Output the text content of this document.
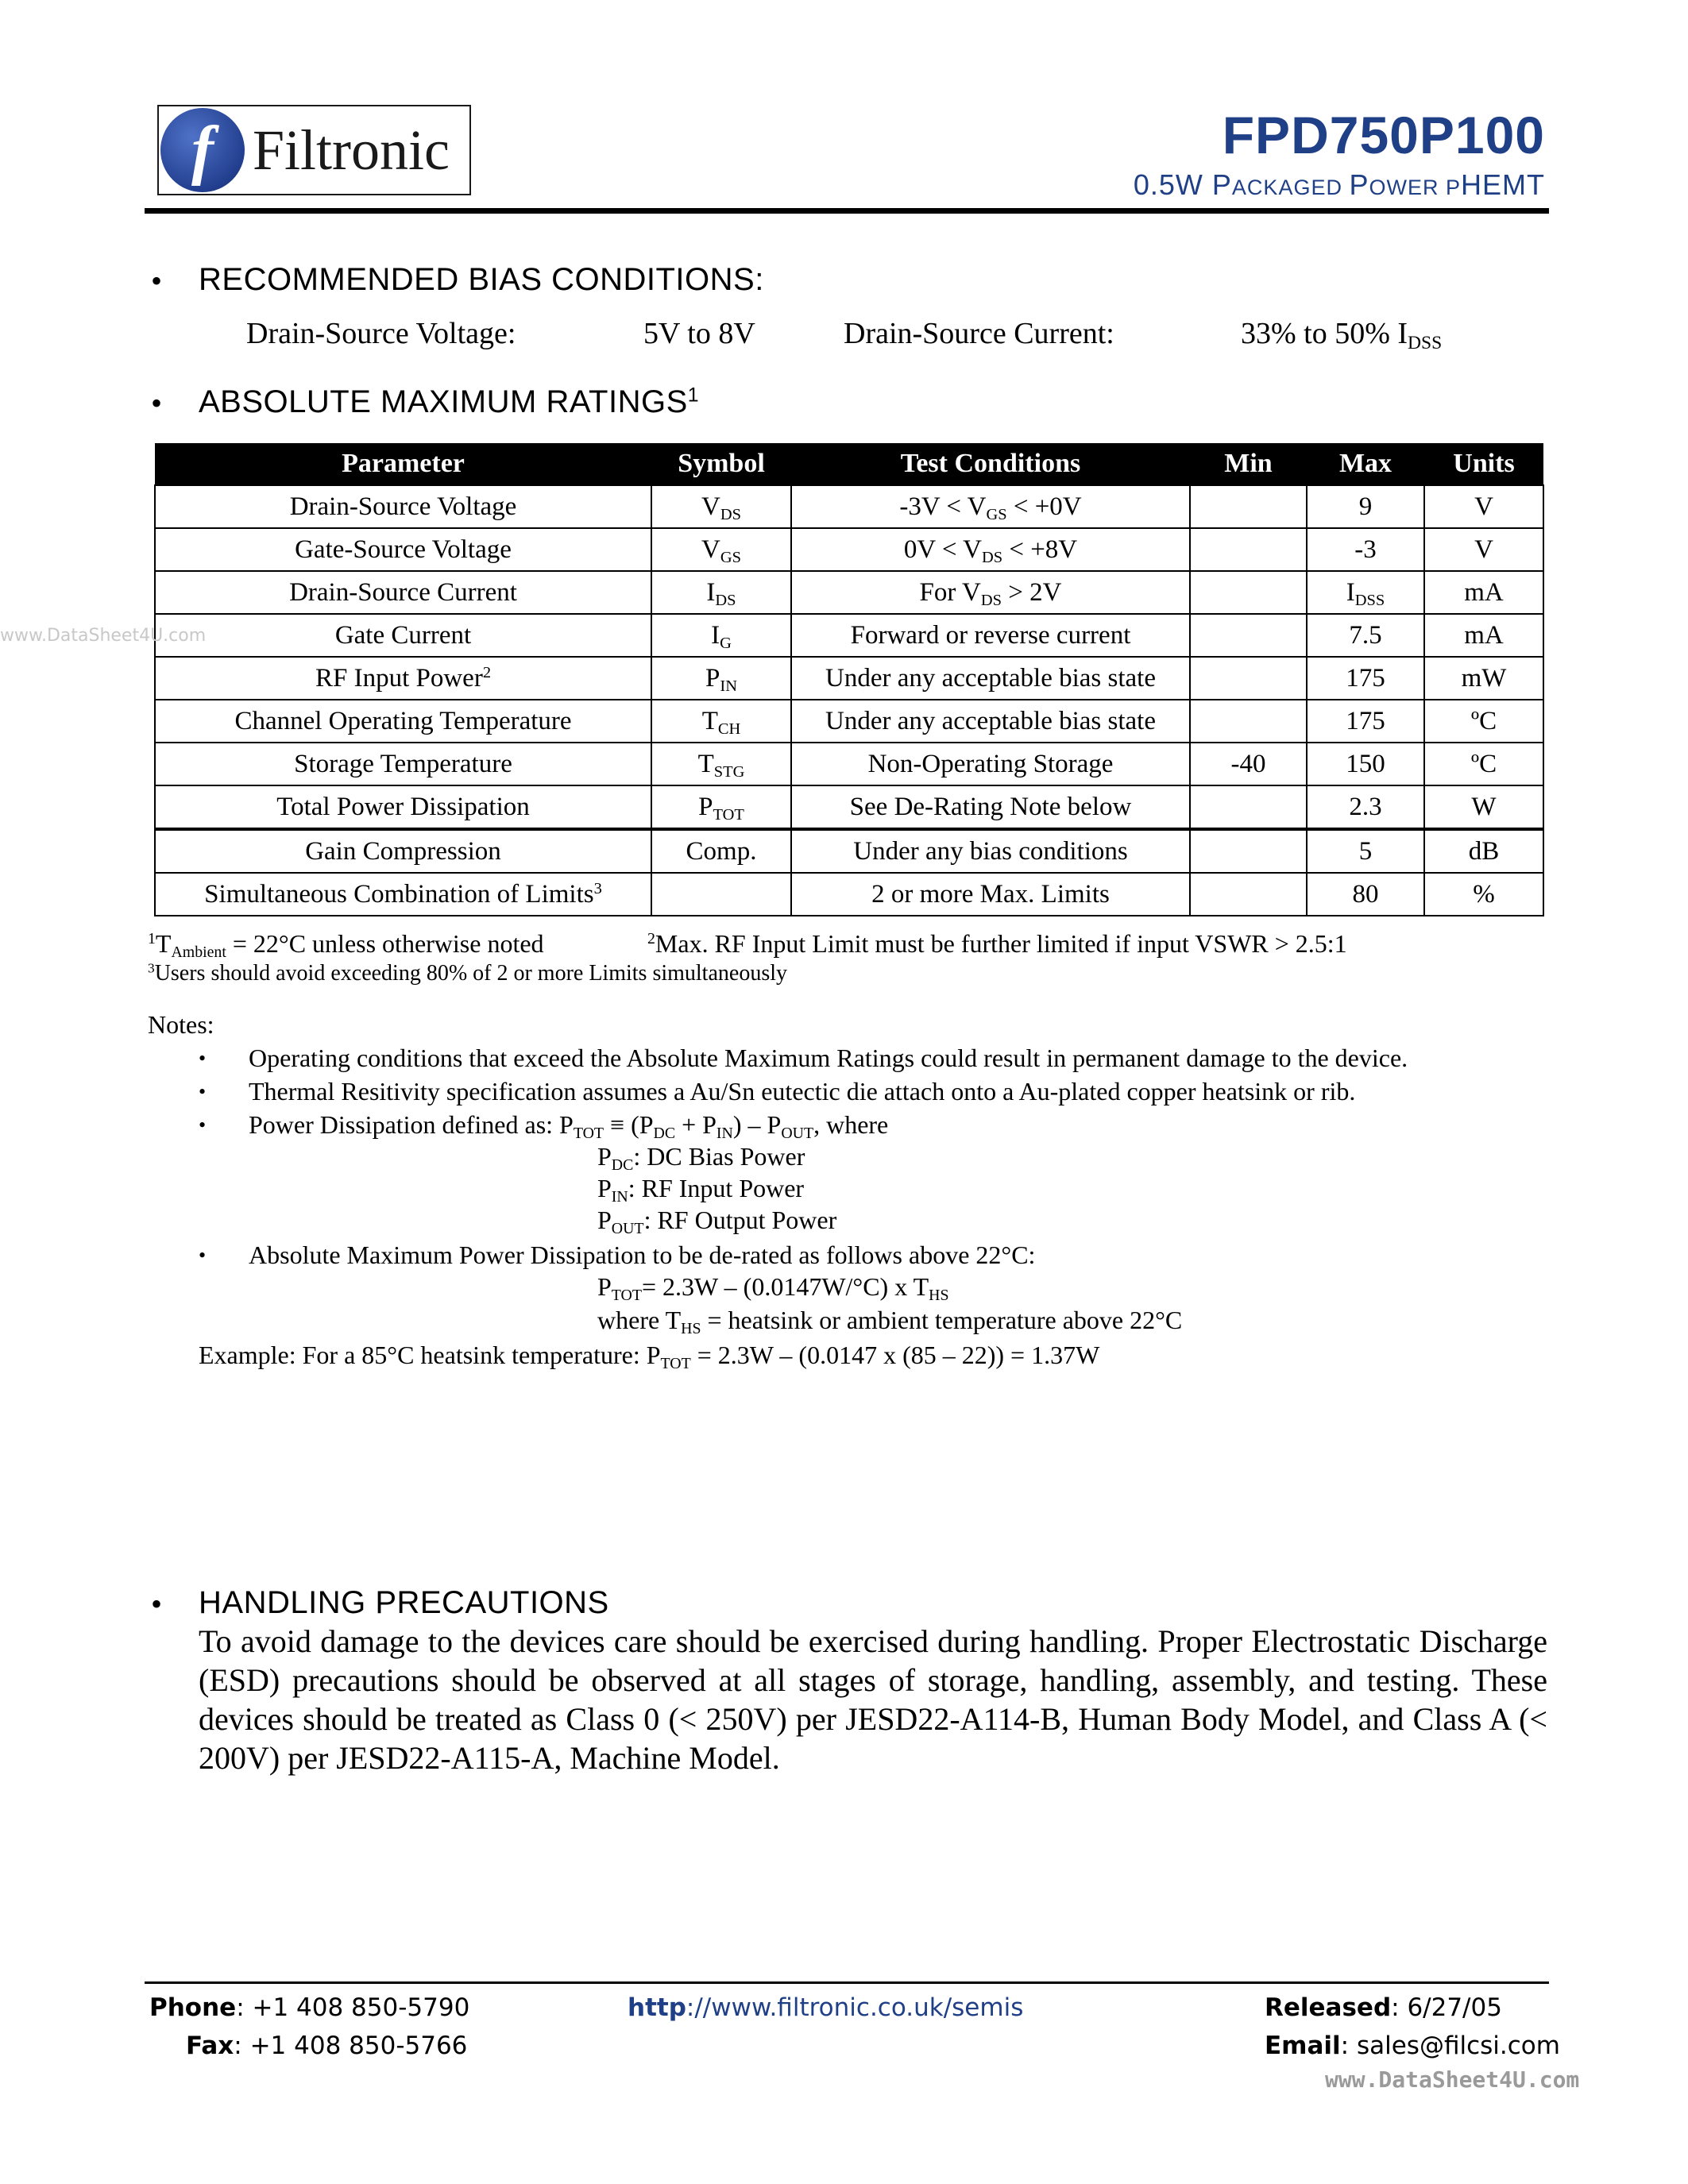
f Filtronic	FPD750P100
0.5W PACKAGED POWER PHEMT
• RECOMMENDED BIAS CONDITIONS:
Drain-Source Voltage:	5V to 8V	Drain-Source Current:	33% to 50% $I_{DSS}$
• ABSOLUTE MAXIMUM RATINGS$^1$
Parameter	Symbol	Test Conditions	Min	Max	Units
Drain-Source Voltage	$V_{DS}$	$-3V < V_{GS} < +0V$		9	V
Gate-Source Voltage	$V_{GS}$	$0V < V_{DS} < +8V$		-3	V
Drain-Source Current	$I_{DS}$	For $V_{DS} > 2V$		$I_{DSS}$	mA
Gate Current	$I_G$	Forward or reverse current		7.5	mA
RF Input Power$^2$	$P_{IN}$	Under any acceptable bias state		175	mW
Channel Operating Temperature	$T_{CH}$	Under any acceptable bias state		175	ºC
Storage Temperature	$T_{STG}$	Non-Operating Storage	-40	150	ºC
Total Power Dissipation	$P_{TOT}$	See De-Rating Note below		2.3	W
Gain Compression	Comp.	Under any bias conditions		5	dB
Simultaneous Combination of Limits$^3$		2 or more Max. Limits		80	%
$^1T_{Ambient} = 22^\circ C$ unless otherwise noted	$^2$Max. RF Input Limit must be further limited if input VSWR > 2.5:1
$^3$Users should avoid exceeding 80% of 2 or more Limits simultaneously
Notes:
• Operating conditions that exceed the Absolute Maximum Ratings could result in permanent damage to the device.
• Thermal Resitivity specification assumes a Au/Sn eutectic die attach onto a Au-plated copper heatsink or rib.
• Power Dissipation defined as: $P_{TOT} \equiv (P_{DC} + P_{IN}) - P_{OUT}$, where
$P_{DC}$: DC Bias Power
$P_{IN}$: RF Input Power
$P_{OUT}$: RF Output Power
• Absolute Maximum Power Dissipation to be de-rated as follows above 22°C:
$P_{TOT}= 2.3W - (0.0147W/^\circ C)$ x $T_{HS}$
where $T_{HS}$ = heatsink or ambient temperature above 22°C
Example: For a 85°C heatsink temperature: $P_{TOT} = 2.3W - (0.0147$ x (85 – 22)) = 1.37W
• HANDLING PRECAUTIONS
To avoid damage to the devices care should be exercised during handling. Proper Electrostatic Discharge (ESD) precautions should be observed at all stages of storage, handling, assembly, and testing. These devices should be treated as Class 0 (< 250V) per JESD22-A114-B, Human Body Model, and Class A (< 200V) per JESD22-A115-A, Machine Model.
Phone: +1 408 850-5790
Fax: +1 408 850-5766
http://www.filtronic.co.uk/semis	Released: 6/27/05
Email: sales@filcsi.com
www.DataSheet4U.com
www.DataSheet4U.com
